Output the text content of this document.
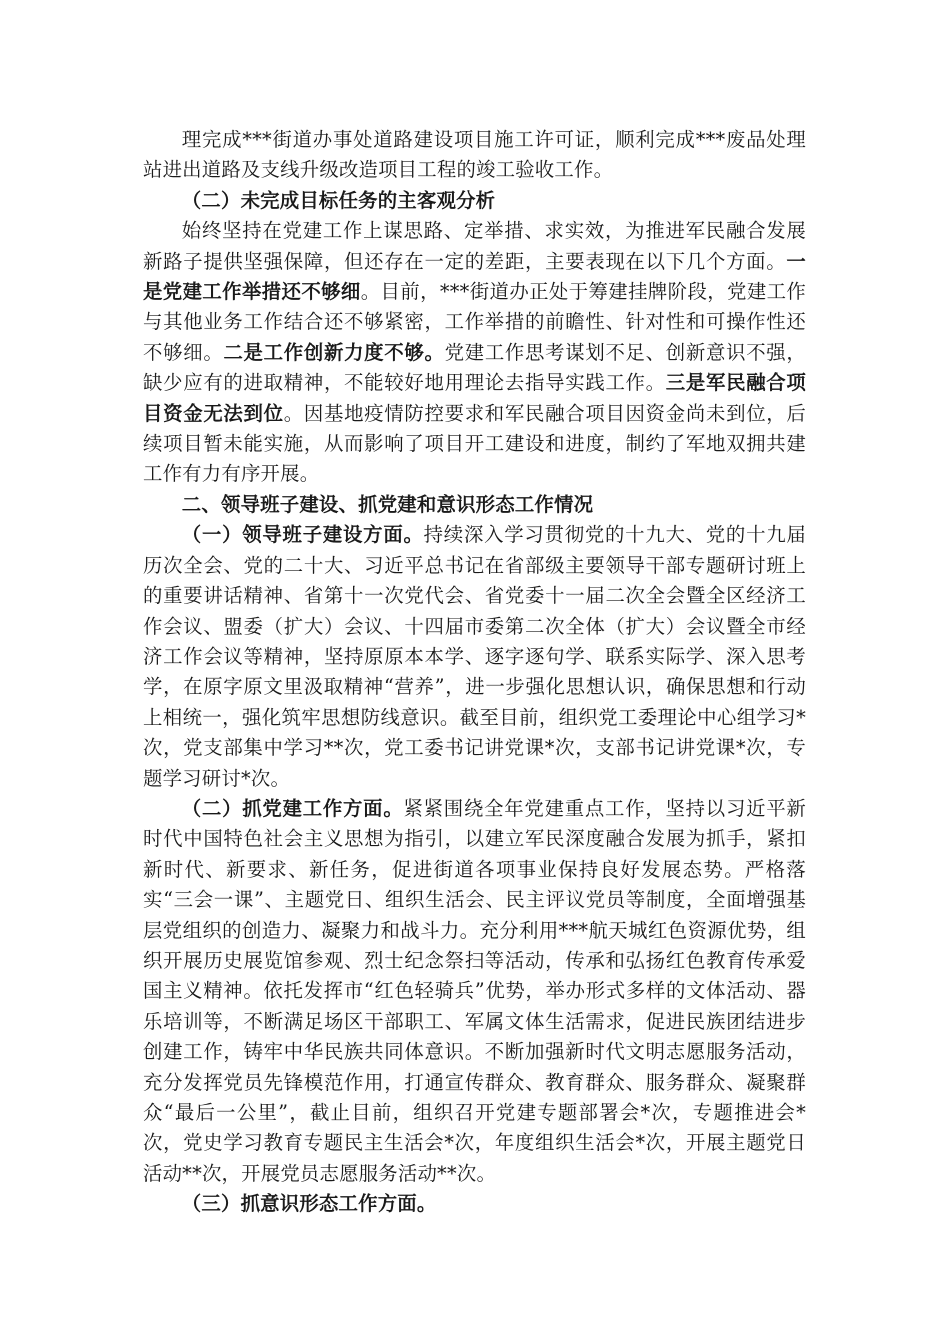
理完成***街道办事处道路建设项目施工许可证，顺利完成***废品处理站进出道路及支线升级改造项目工程的竣工验收工作。

（二）未完成目标任务的主客观分析

始终坚持在党建工作上谋思路、定举措、求实效，为推进军民融合发展新路子提供坚强保障，但还存在一定的差距，主要表现在以下几个方面。一是党建工作举措还不够细。目前，***街道办正处于筹建挂牌阶段，党建工作与其他业务工作结合还不够紧密，工作举措的前瞻性、针对性和可操作性还不够细。二是工作创新力度不够。党建工作思考谋划不足、创新意识不强，缺少应有的进取精神，不能较好地用理论去指导实践工作。三是军民融合项目资金无法到位。因基地疫情防控要求和军民融合项目因资金尚未到位，后续项目暂未能实施，从而影响了项目开工建设和进度，制约了军地双拥共建工作有力有序开展。

二、领导班子建设、抓党建和意识形态工作情况

（一）领导班子建设方面。持续深入学习贯彻党的十九大、党的十九届历次全会、党的二十大、习近平总书记在省部级主要领导干部专题研讨班上的重要讲话精神、省第十一次党代会、省党委十一届二次全会暨全区经济工作会议、盟委（扩大）会议、十四届市委第二次全体（扩大）会议暨全市经济工作会议等精神，坚持原原本本学、逐字逐句学、联系实际学、深入思考学，在原字原文里汲取精神“营养”，进一步强化思想认识，确保思想和行动上相统一，强化筑牢思想防线意识。截至目前，组织党工委理论中心组学习*次，党支部集中学习**次，党工委书记讲党课*次，支部书记讲党课*次，专题学习研讨*次。

（二）抓党建工作方面。紧紧围绕全年党建重点工作，坚持以习近平新时代中国特色社会主义思想为指引，以建立军民深度融合发展为抓手，紧扣新时代、新要求、新任务，促进街道各项事业保持良好发展态势。严格落实“三会一课”、主题党日、组织生活会、民主评议党员等制度，全面增强基层党组织的创造力、凝聚力和战斗力。充分利用***航天城红色资源优势，组织开展历史展览馆参观、烈士纪念祭扫等活动，传承和弘扬红色教育传承爱国主义精神。依托发挥市“红色轻骑兵”优势，举办形式多样的文体活动、器乐培训等，不断满足场区干部职工、军属文体生活需求，促进民族团结进步创建工作，铸牢中华民族共同体意识。不断加强新时代文明志愿服务活动，充分发挥党员先锋模范作用，打通宣传群众、教育群众、服务群众、凝聚群众“最后一公里”，截止目前，组织召开党建专题部署会*次，专题推进会*次，党史学习教育专题民主生活会*次，年度组织生活会*次，开展主题党日活动**次，开展党员志愿服务活动**次。

（三）抓意识形态工作方面。
